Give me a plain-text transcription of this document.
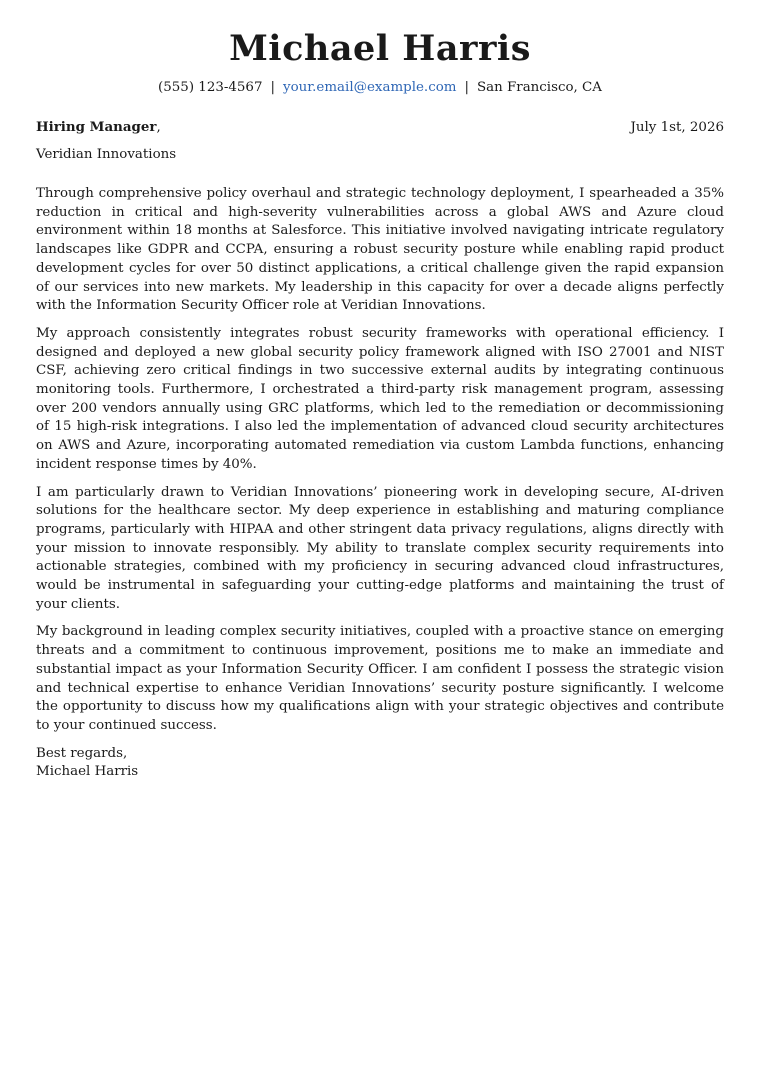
Michael Harris
(555) 123-4567 | your.email@example.com | San Francisco, CA
Hiring Manager,	July 1st, 2026
Veridian Innovations

Through comprehensive policy overhaul and strategic technology deployment, I spearheaded a 35% reduction in critical and high-severity vulnerabilities across a global AWS and Azure cloud environment within 18 months at Salesforce. This initiative involved navigating intricate regulatory landscapes like GDPR and CCPA, ensuring a robust security posture while enabling rapid product development cycles for over 50 distinct applications, a critical challenge given the rapid expansion of our services into new markets. My leadership in this capacity for over a decade aligns perfectly with the Information Security Officer role at Veridian Innovations.

My approach consistently integrates robust security frameworks with operational efficiency. I designed and deployed a new global security policy framework aligned with ISO 27001 and NIST CSF, achieving zero critical findings in two successive external audits by integrating continuous monitoring tools. Furthermore, I orchestrated a third-party risk management program, assessing over 200 vendors annually using GRC platforms, which led to the remediation or decommissioning of 15 high-risk integrations. I also led the implementation of advanced cloud security architectures on AWS and Azure, incorporating automated remediation via custom Lambda functions, enhancing incident response times by 40%.

I am particularly drawn to Veridian Innovations’ pioneering work in developing secure, AI-driven solutions for the healthcare sector. My deep experience in establishing and maturing compliance programs, particularly with HIPAA and other stringent data privacy regulations, aligns directly with your mission to innovate responsibly. My ability to translate complex security requirements into actionable strategies, combined with my proficiency in securing advanced cloud infrastructures, would be instrumental in safeguarding your cutting-edge platforms and maintaining the trust of your clients.

My background in leading complex security initiatives, coupled with a proactive stance on emerging threats and a commitment to continuous improvement, positions me to make an immediate and substantial impact as your Information Security Officer. I am confident I possess the strategic vision and technical expertise to enhance Veridian Innovations’ security posture significantly. I welcome the opportunity to discuss how my qualifications align with your strategic objectives and contribute to your continued success.

Best regards,
Michael Harris
